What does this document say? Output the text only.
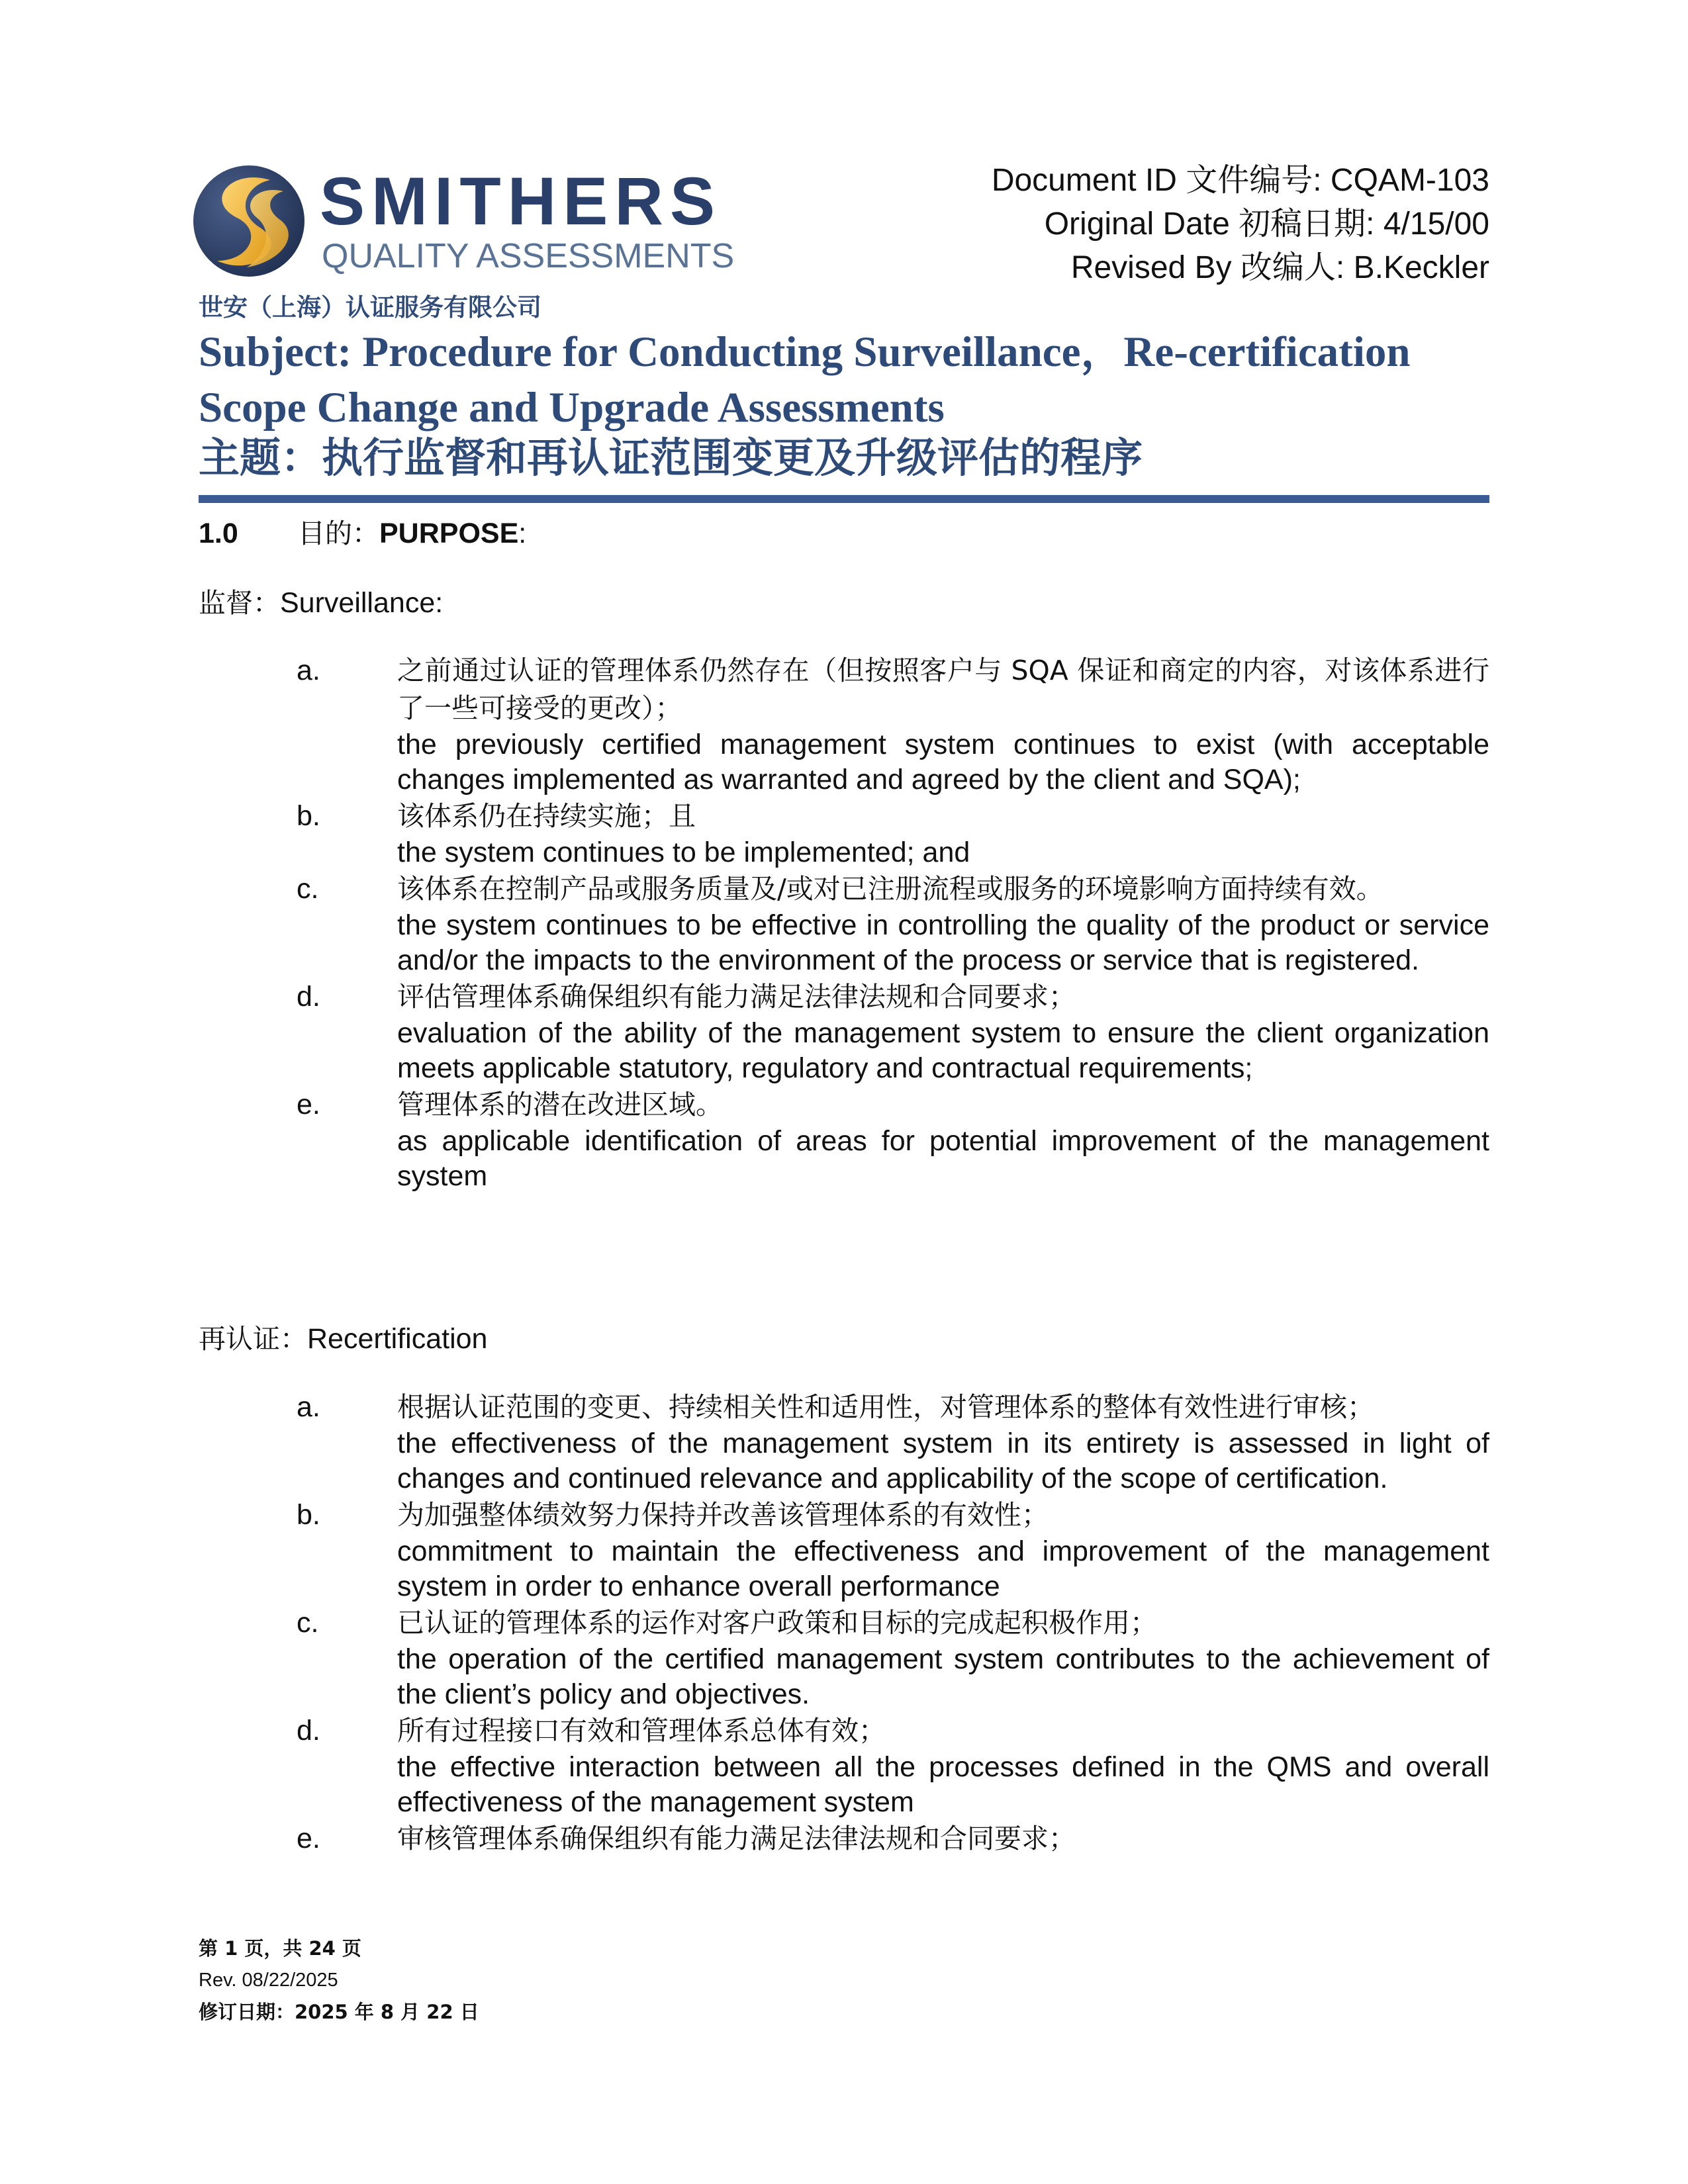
SMITHERS
QUALITY ASSESSMENTS
世安（上海）认证服务有限公司
Document ID 文件编号: CQAM-103
Original Date 初稿日期: 4/15/00
Revised By 改编人: B.Keckler
Subject: Procedure for Conducting Surveillance，Re-certification Scope Change and Upgrade Assessments
主题：执行监督和再认证范围变更及升级评估的程序
1.0 目的：PURPOSE:
监督：Surveillance:
a.	之前通过认证的管理体系仍然存在（但按照客户与 SQA 保证和商定的内容，对该体系进行了一些可接受的更改）；
the previously certified management system continues to exist (with acceptable changes implemented as warranted and agreed by the client and SQA);
b.	该体系仍在持续实施；且
the system continues to be implemented; and
c.	该体系在控制产品或服务质量及/或对已注册流程或服务的环境影响方面持续有效。
the system continues to be effective in controlling the quality of the product or service and/or the impacts to the environment of the process or service that is registered.
d.	评估管理体系确保组织有能力满足法律法规和合同要求；
evaluation of the ability of the management system to ensure the client organization meets applicable statutory, regulatory and contractual requirements;
e.	管理体系的潜在改进区域。
as applicable identification of areas for potential improvement of the management system
再认证：Recertification
a.	根据认证范围的变更、持续相关性和适用性，对管理体系的整体有效性进行审核；
the effectiveness of the management system in its entirety is assessed in light of changes and continued relevance and applicability of the scope of certification.
b.	为加强整体绩效努力保持并改善该管理体系的有效性；
commitment to maintain the effectiveness and improvement of the management system in order to enhance overall performance
c.	已认证的管理体系的运作对客户政策和目标的完成起积极作用；
the operation of the certified management system contributes to the achievement of the client’s policy and objectives.
d.	所有过程接口有效和管理体系总体有效；
the effective interaction between all the processes defined in the QMS and overall effectiveness of the management system
e.	审核管理体系确保组织有能力满足法律法规和合同要求；
第 1 页，共 24 页
Rev. 08/22/2025
修订日期：2025 年 8 月 22 日
